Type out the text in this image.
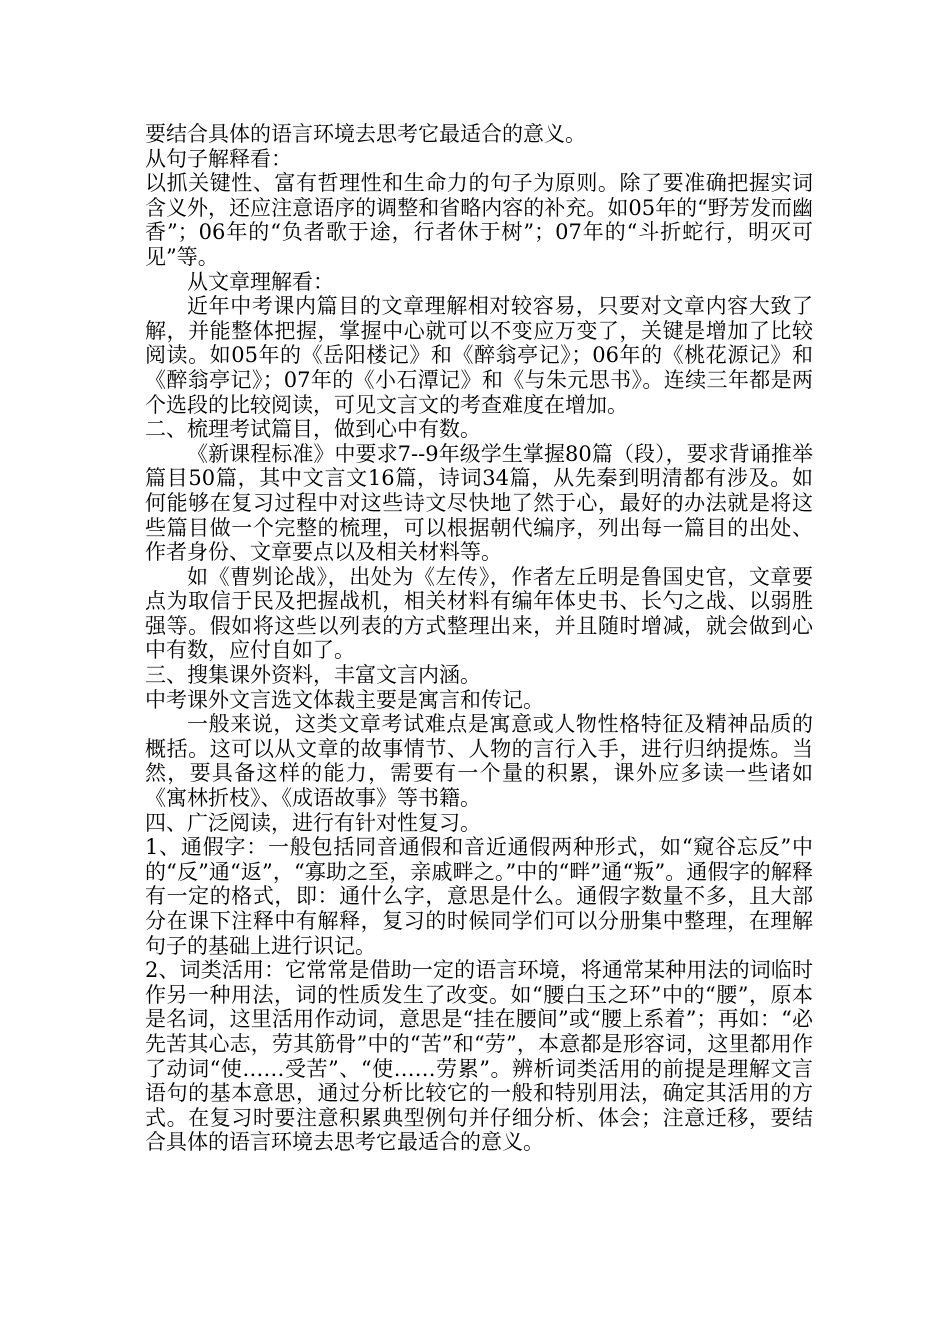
要结合具体的语言环境去思考它最适合的意义。

从句子解释看：

以抓关键性、富有哲理性和生命力的句子为原则。除了要准确把握实词含义外，还应注意语序的调整和省略内容的补充。如05年的“野芳发而幽香”；06年的“负者歌于途，行者休于树”；07年的“斗折蛇行，明灭可见”等。

从文章理解看：

近年中考课内篇目的文章理解相对较容易，只要对文章内容大致了解，并能整体把握，掌握中心就可以不变应万变了，关键是增加了比较阅读。如05年的《岳阳楼记》和《醉翁亭记》；06年的《桃花源记》和《醉翁亭记》；07年的《小石潭记》和《与朱元思书》。连续三年都是两个选段的比较阅读，可见文言文的考查难度在增加。

二、梳理考试篇目，做到心中有数。

《新课程标准》中要求7--9年级学生掌握80篇（段），要求背诵推举篇目50篇，其中文言文16篇，诗词34篇，从先秦到明清都有涉及。如何能够在复习过程中对这些诗文尽快地了然于心，最好的办法就是将这些篇目做一个完整的梳理，可以根据朝代编序，列出每一篇目的出处、作者身份、文章要点以及相关材料等。

如《曹刿论战》，出处为《左传》，作者左丘明是鲁国史官，文章要点为取信于民及把握战机，相关材料有编年体史书、长勺之战、以弱胜强等。假如将这些以列表的方式整理出来，并且随时增减，就会做到心中有数，应付自如了。

三、搜集课外资料，丰富文言内涵。

中考课外文言选文体裁主要是寓言和传记。

一般来说，这类文章考试难点是寓意或人物性格特征及精神品质的概括。这可以从文章的故事情节、人物的言行入手，进行归纳提炼。当然，要具备这样的能力，需要有一个量的积累，课外应多读一些诸如《寓林折枝》、《成语故事》等书籍。

四、广泛阅读，进行有针对性复习。

1、通假字：一般包括同音通假和音近通假两种形式，如“窥谷忘反”中的“反”通“返”，“寡助之至，亲戚畔之。”中的“畔”通“叛”。通假字的解释有一定的格式，即：通什么字，意思是什么。通假字数量不多，且大部分在课下注释中有解释，复习的时候同学们可以分册集中整理，在理解句子的基础上进行识记。

2、词类活用：它常常是借助一定的语言环境，将通常某种用法的词临时作另一种用法，词的性质发生了改变。如“腰白玉之环”中的“腰”，原本是名词，这里活用作动词，意思是“挂在腰间”或“腰上系着”；再如：“必先苦其心志，劳其筋骨”中的“苦”和“劳”，本意都是形容词，这里都用作了动词“使……受苦”、“使……劳累”。辨析词类活用的前提是理解文言语句的基本意思，通过分析比较它的一般和特别用法，确定其活用的方式。在复习时要注意积累典型例句并仔细分析、体会；注意迁移，要结合具体的语言环境去思考它最适合的意义。
